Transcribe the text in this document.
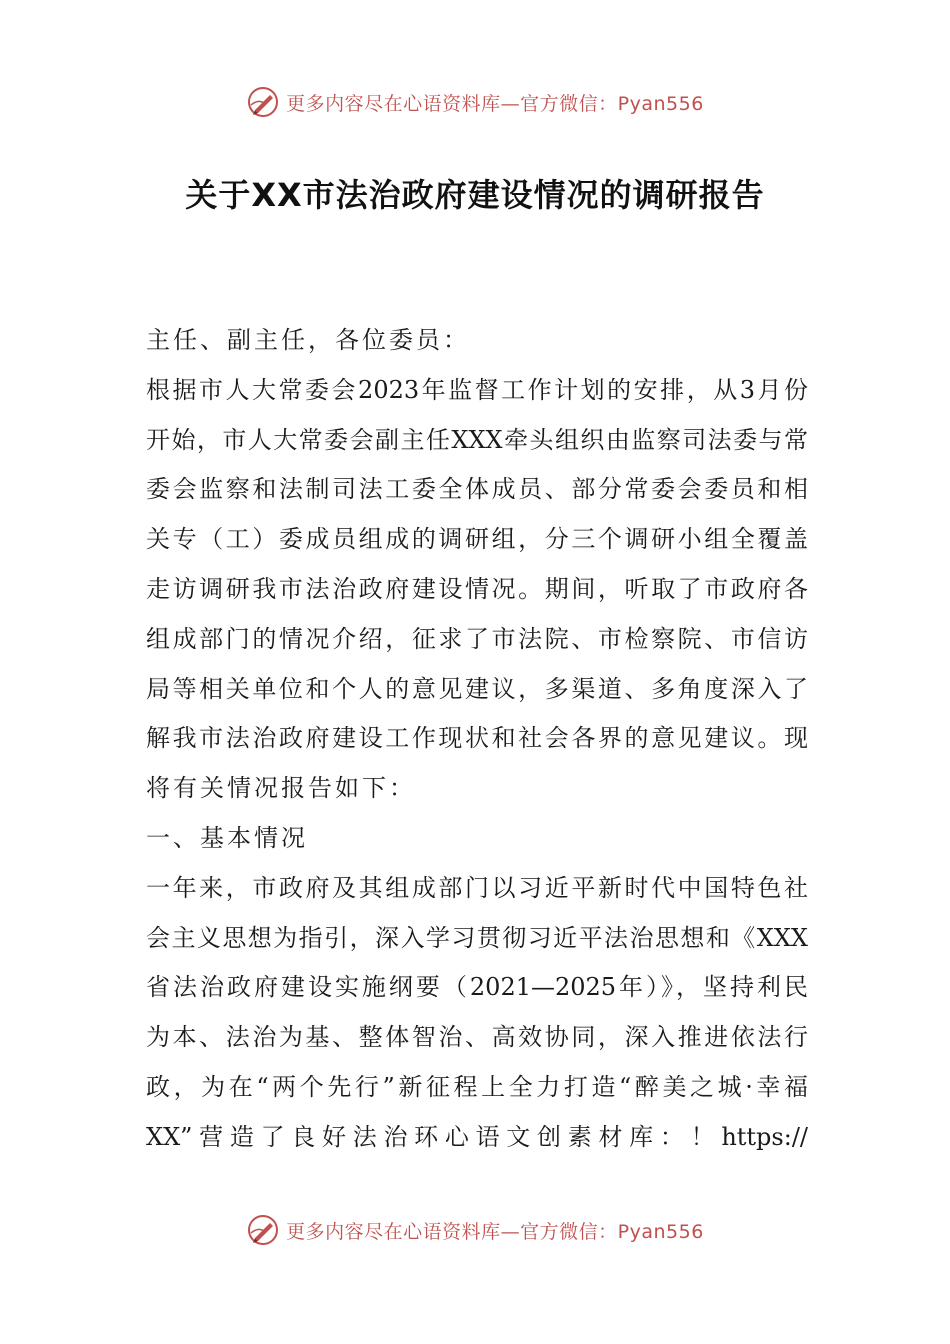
更多内容尽在心语资料库—官方微信：Pyan556
关于XX市法治政府建设情况的调研报告
主任、副主任，各位委员：
根据市人大常委会2023年监督工作计划的安排，从3月份
开始，市人大常委会副主任XXX牵头组织由监察司法委与常
委会监察和法制司法工委全体成员、部分常委会委员和相
关专（工）委成员组成的调研组，分三个调研小组全覆盖
走访调研我市法治政府建设情况。期间，听取了市政府各
组成部门的情况介绍，征求了市法院、市检察院、市信访
局等相关单位和个人的意见建议，多渠道、多角度深入了
解我市法治政府建设工作现状和社会各界的意见建议。现
将有关情况报告如下：
一、基本情况
一年来，市政府及其组成部门以习近平新时代中国特色社
会主义思想为指引，深入学习贯彻习近平法治思想和《XXX
省法治政府建设实施纲要（2021—2025年）》，坚持利民
为本、法治为基、整体智治、高效协同，深入推进依法行
政，为在“两个先行”新征程上全力打造“醉美之城·幸福
XX”营造了良好法治环心语文创素材库：！https://
更多内容尽在心语资料库—官方微信：Pyan556
